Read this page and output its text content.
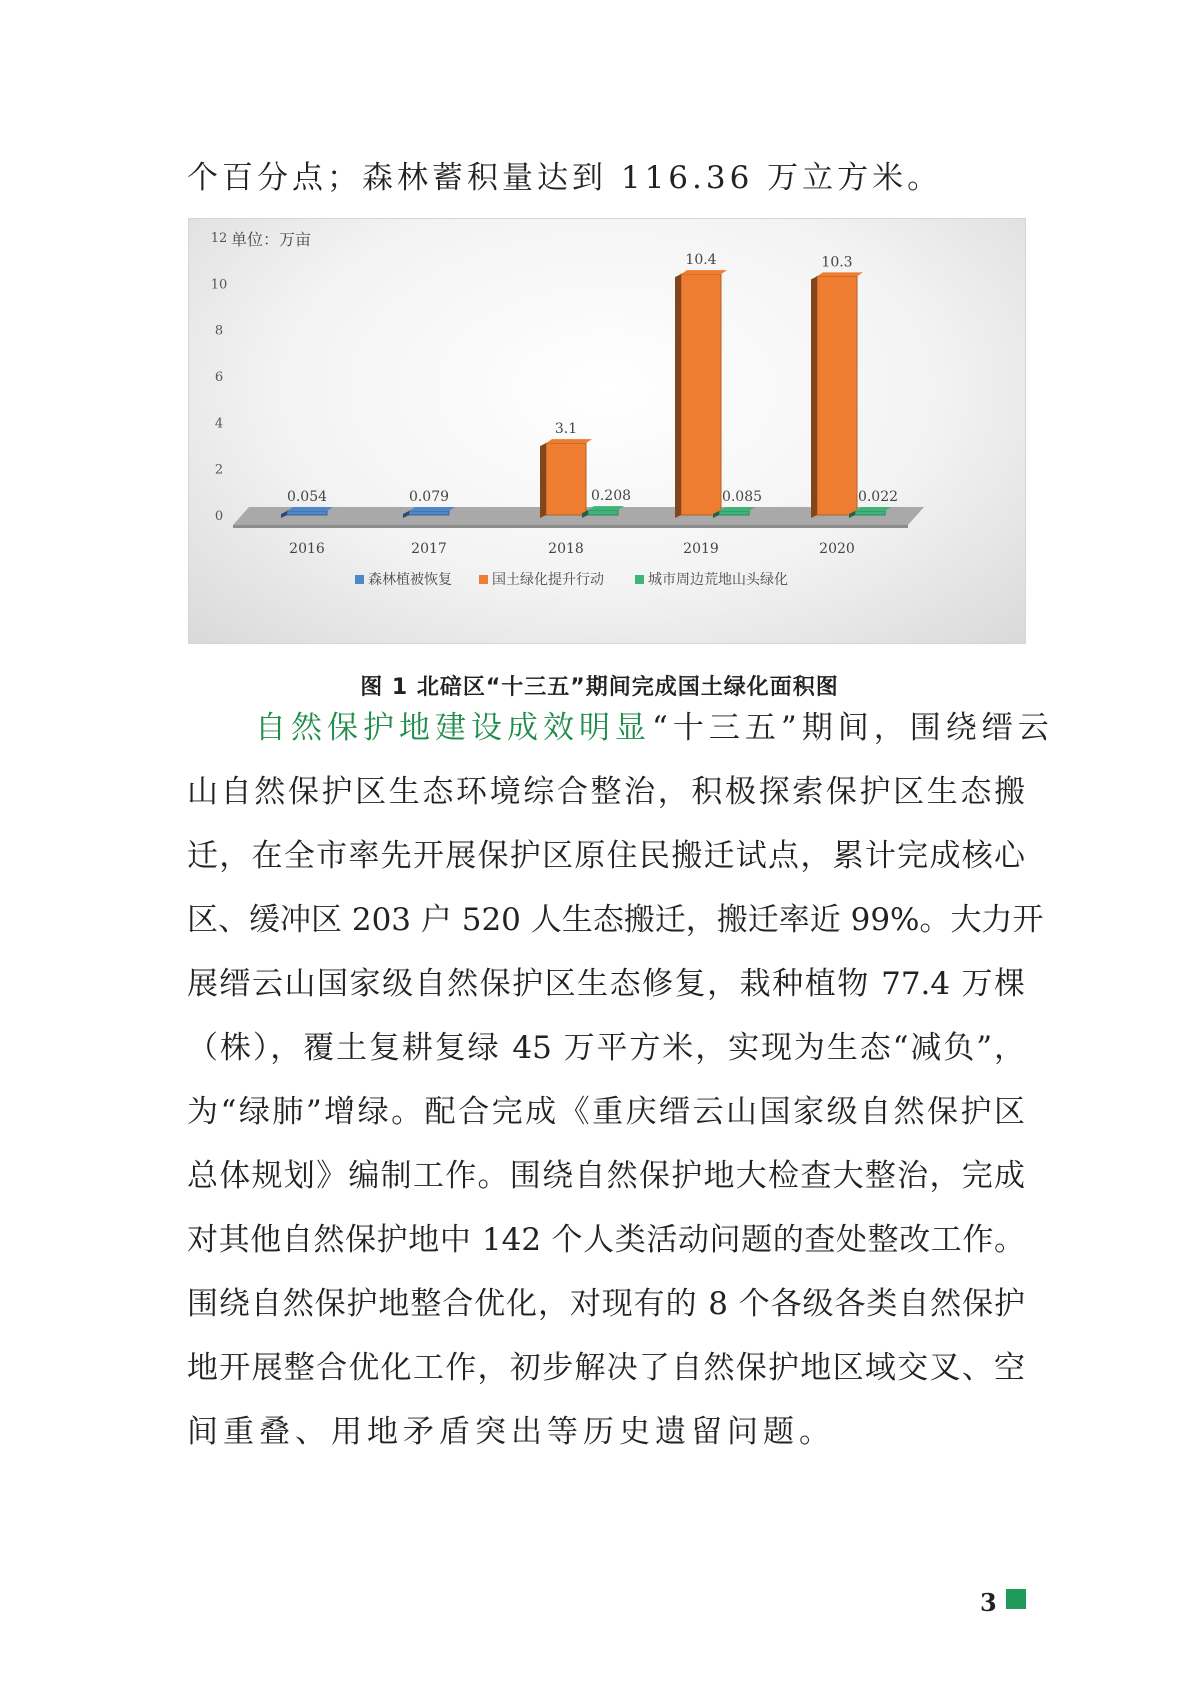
个百分点；森林蓄积量达到 116.36 万立方米。
0
2
4
6
8
10
12 单位：万亩
2016	2017	2018	2019	2020
0.054	0.079
3.1
10.4	10.3
0.208	0.085	0.022
森林植被恢复	国土绿化提升行动	城市周边荒地山头绿化
图 1 北碚区“十三五”期间完成国土绿化面积图
自然保护地建设成效明显 “十三五”期间，围绕缙云
山自然保护区生态环境综合整治，积极探索保护区生态搬
迁，在全市率先开展保护区原住民搬迁试点，累计完成核心
区、缓冲区 203 户 520 人生态搬迁，搬迁率近 99%。大力开
展缙云山国家级自然保护区生态修复，栽种植物 77.4 万棵
（株），覆土复耕复绿 45 万平方米，实现为生态“减负”，
为“绿肺”增绿。配合完成《重庆缙云山国家级自然保护区
总体规划》编制工作。围绕自然保护地大检查大整治，完成
对其他自然保护地中 142 个人类活动问题的查处整改工作。
围绕自然保护地整合优化，对现有的 8 个各级各类自然保护
地开展整合优化工作，初步解决了自然保护地区域交叉、空
间重叠、用地矛盾突出等历史遗留问题。
3
